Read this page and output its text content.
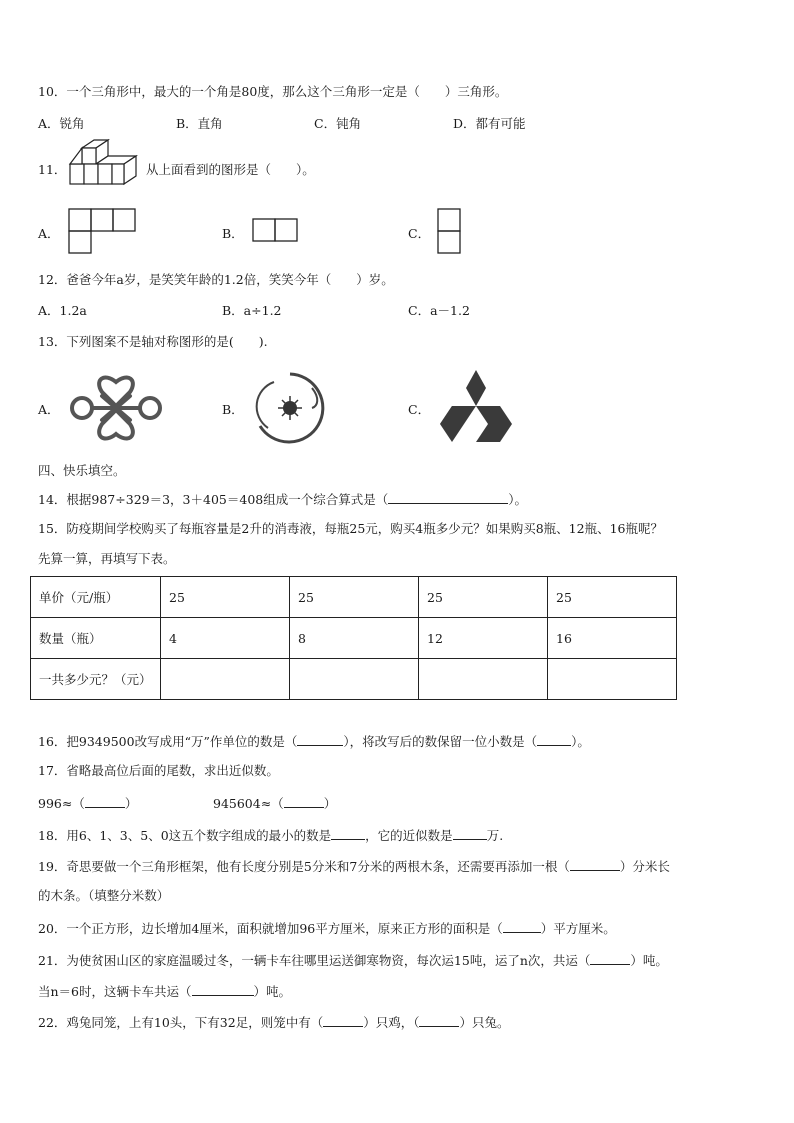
10．一个三角形中，最大的一个角是80度，那么这个三角形一定是（　　）三角形。
A．锐角	B．直角	C．钝角	D．都有可能
11．	从上面看到的图形是（　　）。
A．	B．	C．
12．爸爸今年a岁，是笑笑年龄的1.2倍，笑笑今年（　　）岁。
A．1.2a	B．a÷1.2	C．a－1.2
13．下列图案不是轴对称图形的是(　　).
A．	B．	C．
四、快乐填空。
14．根据987÷329＝3，3＋405＝408组成一个综合算式是（	）。
15．防疫期间学校购买了每瓶容量是2升的消毒液，每瓶25元，购买4瓶多少元？如果购买8瓶、12瓶、16瓶呢？
先算一算，再填写下表。
单价（元/瓶）	25	25	25	25
数量（瓶）	4	8	12	16
一共多少元？（元）				
16．把9349500改写成用“万”作单位的数是（	），将改写后的数保留一位小数是（	）。
17．省略最高位后面的尾数，求出近似数。
996≈（	）	945604≈（	）
18．用6、1、3、5、0这五个数字组成的最小的数是	，它的近似数是	万.
19．奇思要做一个三角形框架，他有长度分别是5分米和7分米的两根木条，还需要再添加一根（	）分米长
的木条。（填整分米数）
20．一个正方形，边长增加4厘米，面积就增加96平方厘米，原来正方形的面积是（	）平方厘米。
21．为使贫困山区的家庭温暖过冬，一辆卡车往哪里运送御寒物资，每次运15吨，运了n次，共运（	）吨。
当n＝6时，这辆卡车共运（	）吨。
22．鸡兔同笼，上有10头，下有32足，则笼中有（	）只鸡，（	）只兔。
